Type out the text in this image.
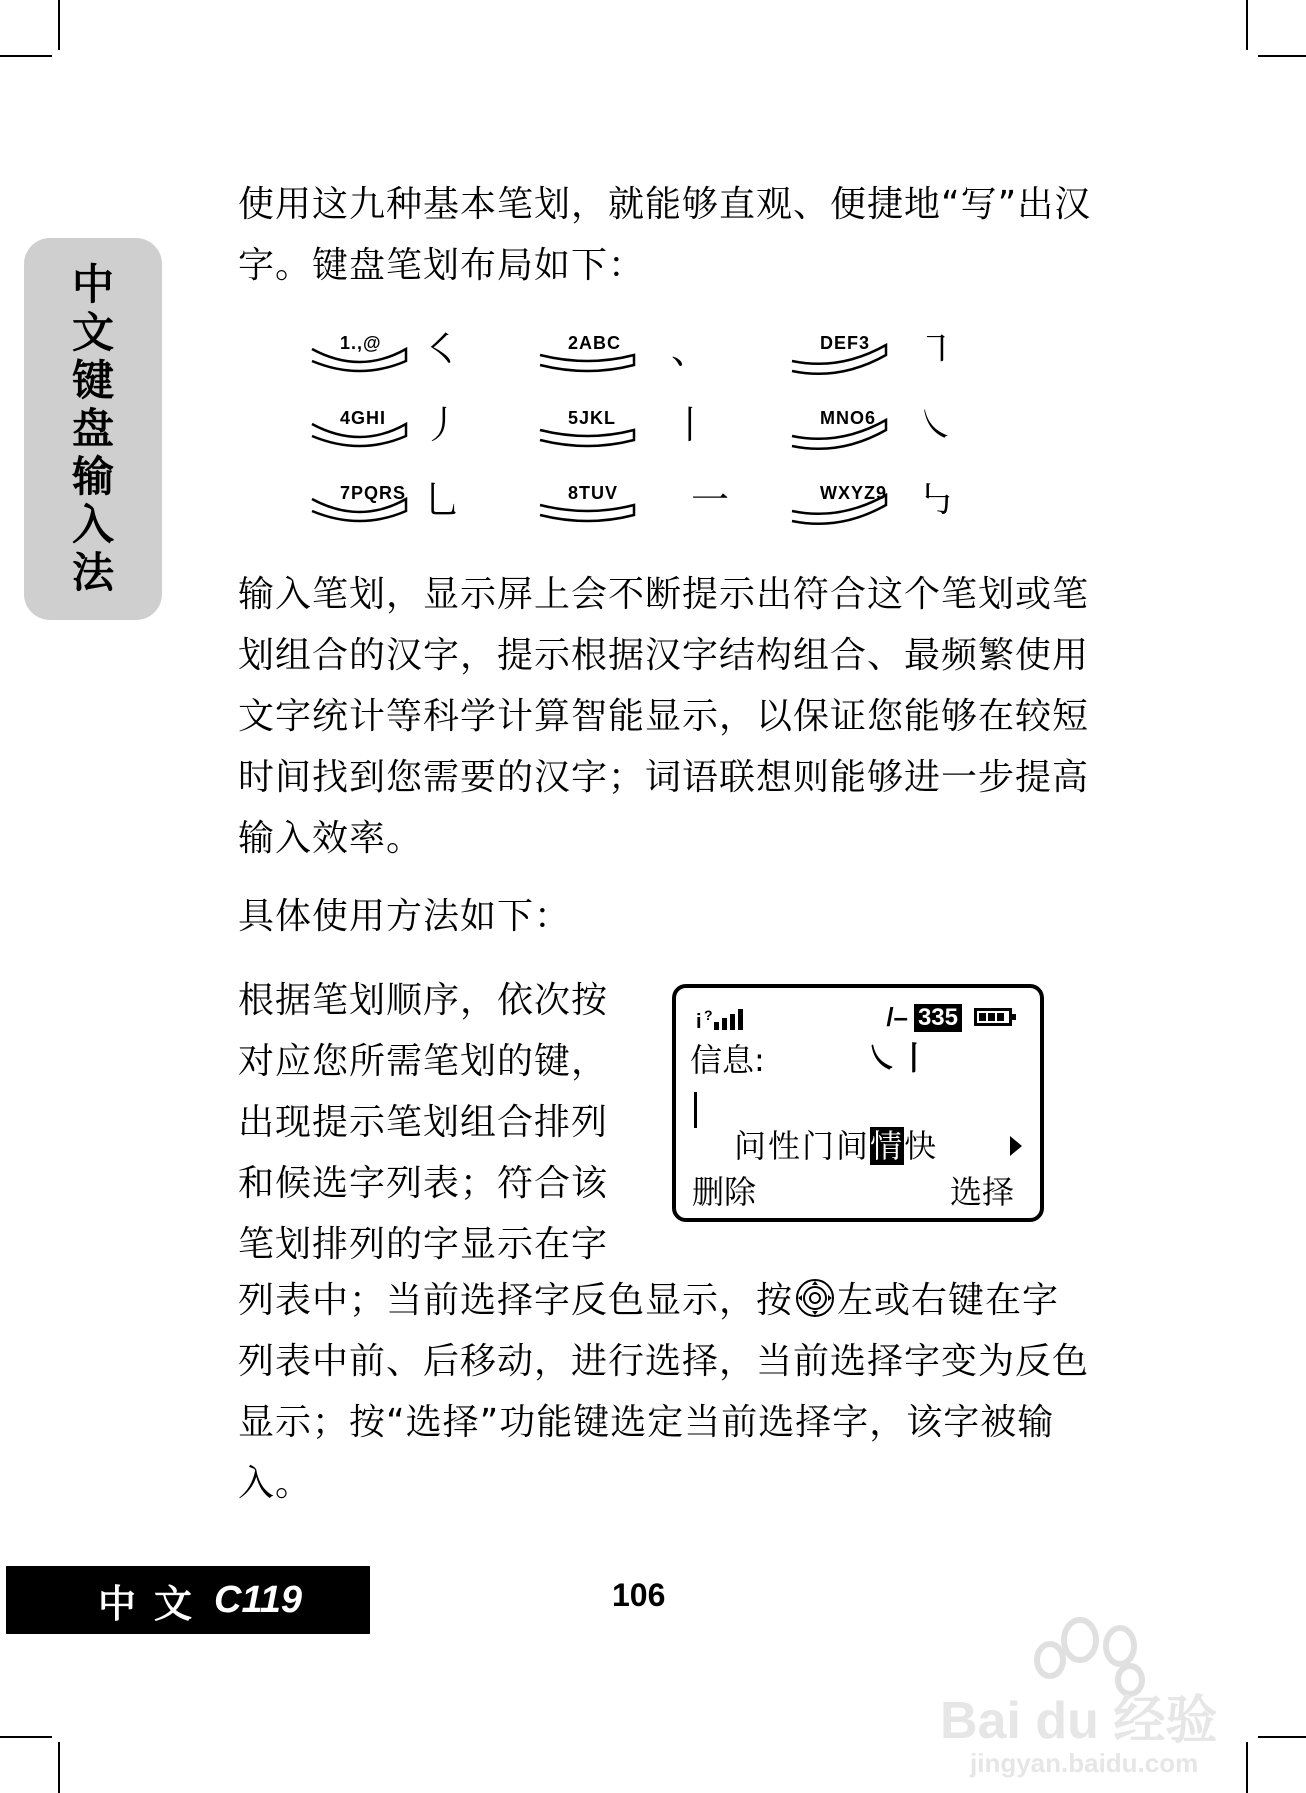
中
文
键
盘
输
入
法

使用这九种基本笔划，就能够直观、便捷地“写”出汉字。键盘笔划布局如下：

1.,@ ㇛	2ABC 、	DEF3 ㇕
4GHI 丿	5JKL 丨	MNO6 ㇏
7PQRS 乚	8TUV 一	WXYZ9 ㇉

输入笔划，显示屏上会不断提示出符合这个笔划或笔划组合的汉字，提示根据汉字结构组合、最频繁使用文字统计等科学计算智能显示，以保证您能够在较短时间找到您需要的汉字；词语联想则能够进一步提高输入效率。

具体使用方法如下：

根据笔划顺序，依次按对应您所需笔划的键，出现提示笔划组合排列和候选字列表；符合该笔划排列的字显示在字

i ?	/– 335
信息:	㇏丨
问性门间情快
删除	选择

列表中；当前选择字反色显示，按 左或右键在字列表中前、后移动，进行选择，当前选择字变为反色显示；按“选择”功能键选定当前选择字，该字被输入。

中文 C119	106
Bai du 经验
jingyan.baidu.com
